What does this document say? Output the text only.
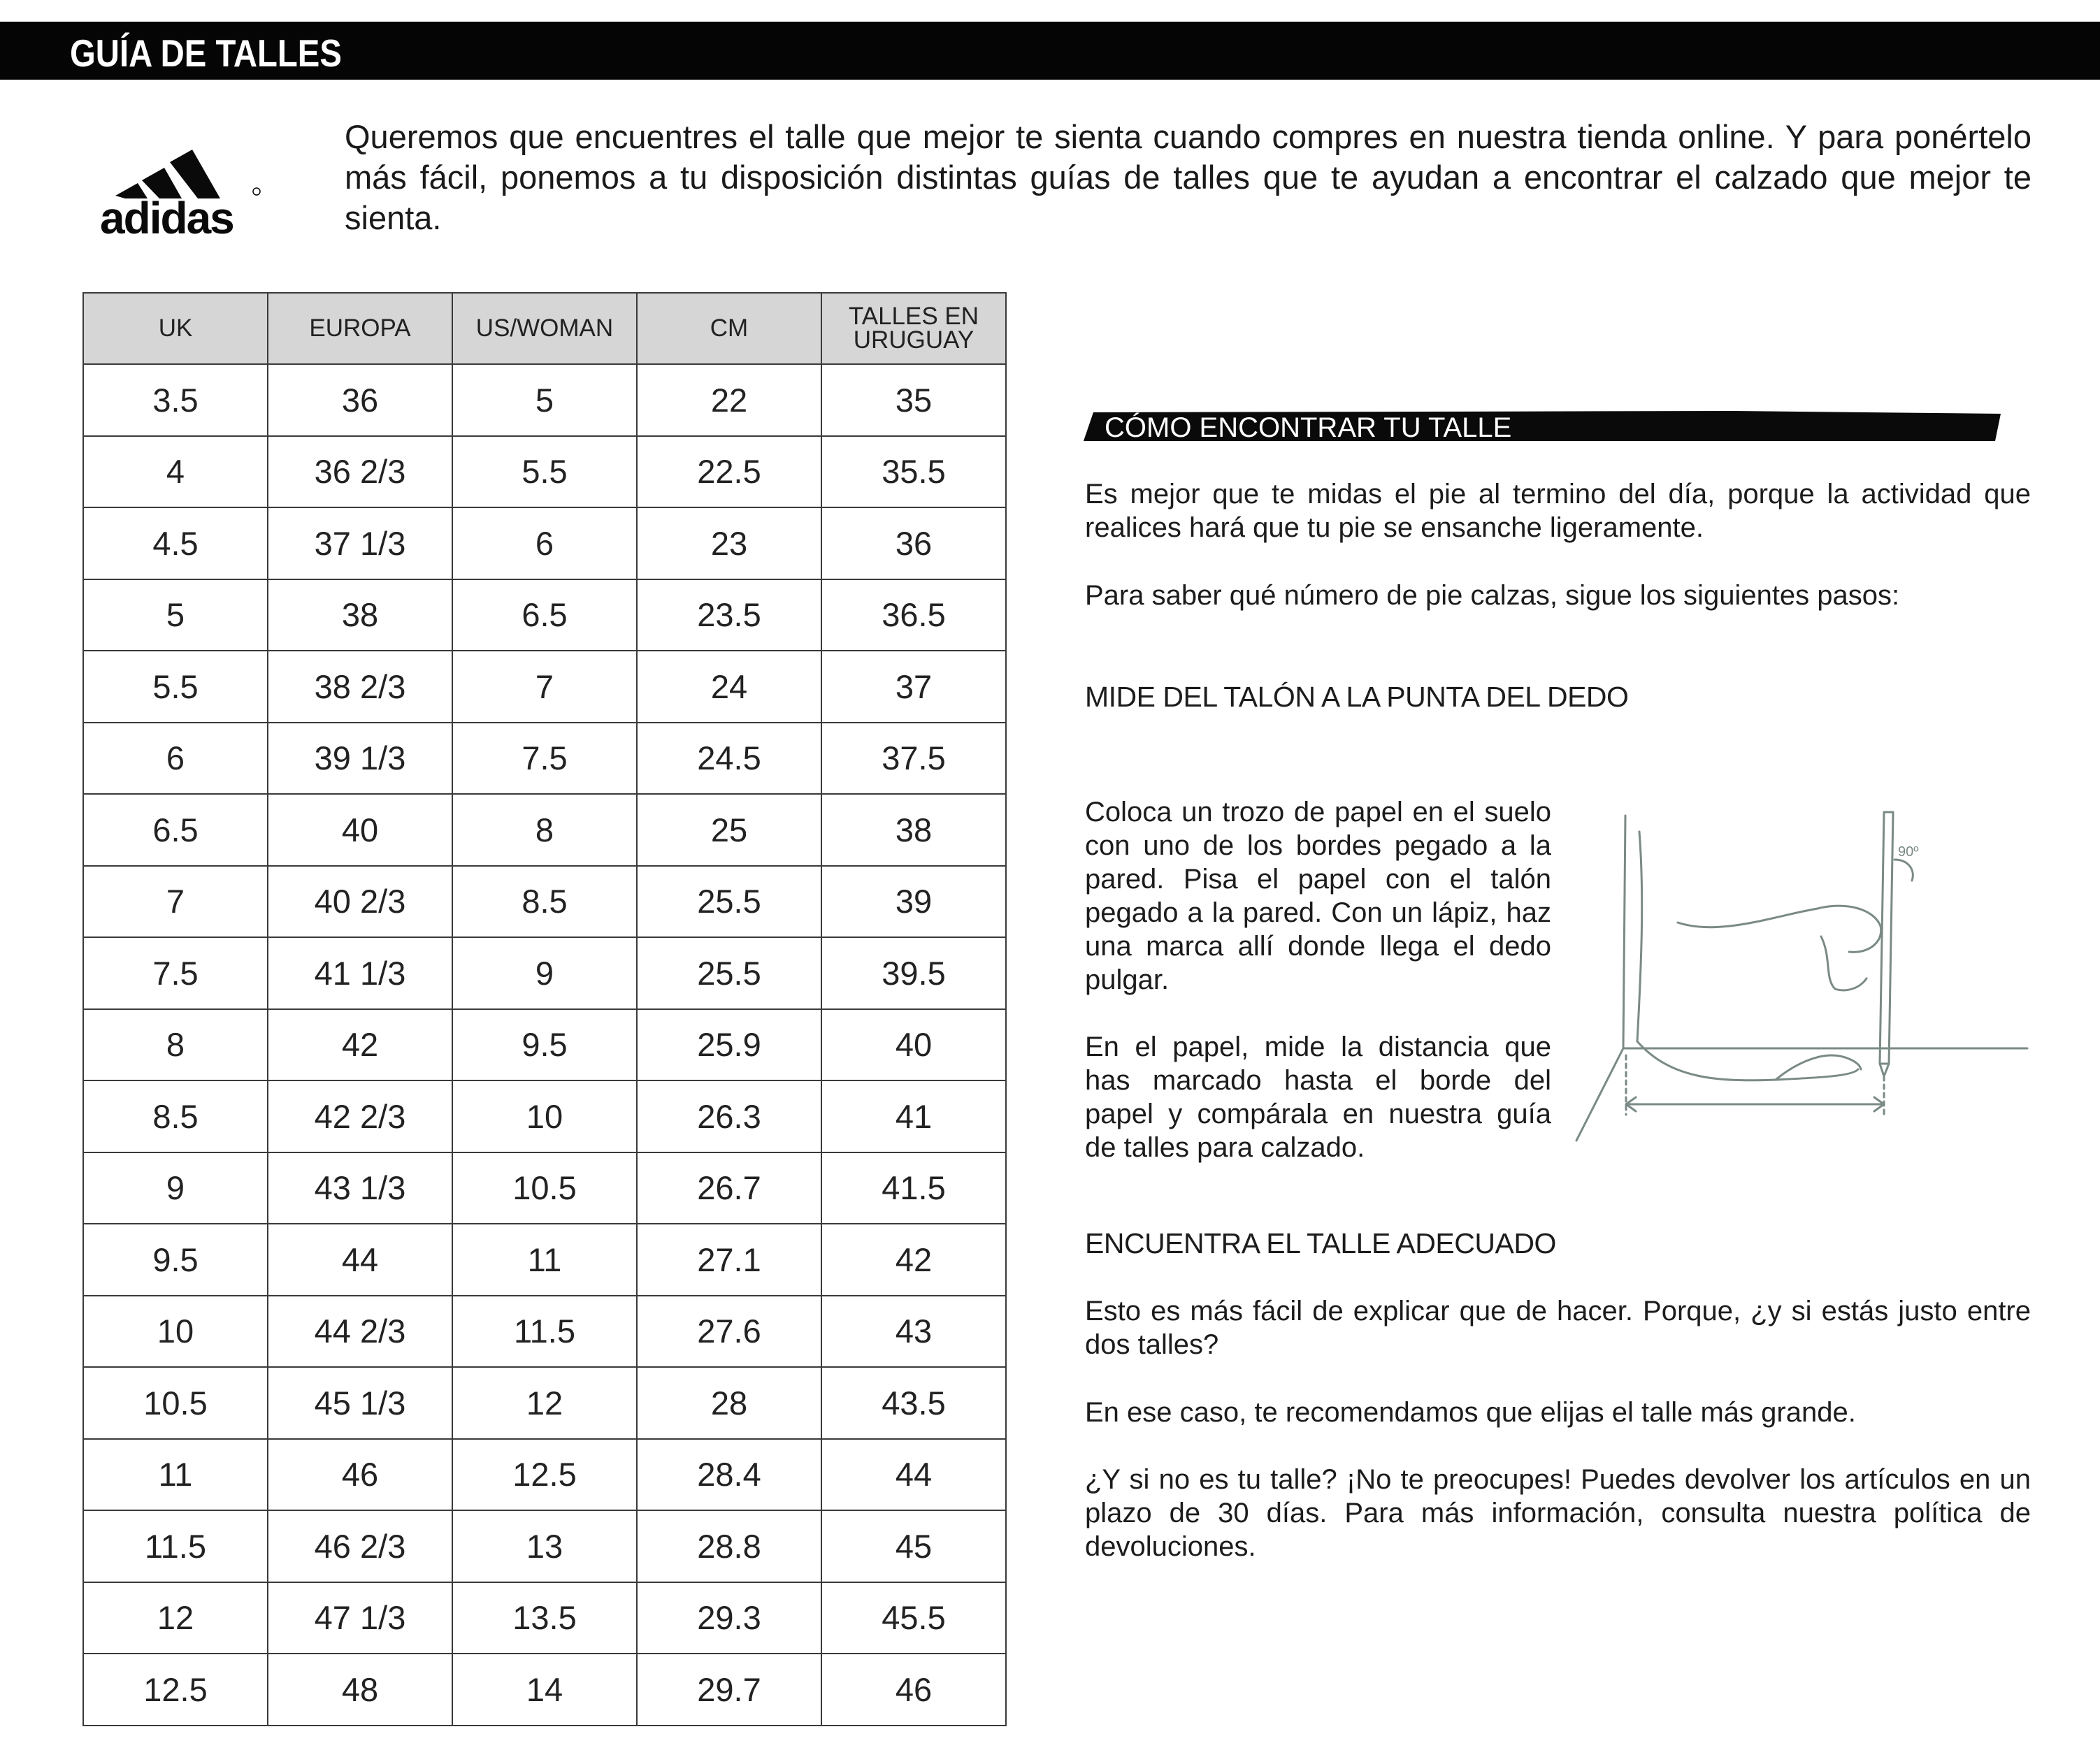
GUÍA DE TALLES
adidas
Queremos que encuentres el talle que mejor te sienta cuando compres en nuestra tienda online. Y para ponértelo más fácil, ponemos a tu disposición distintas guías de talles que te ayudan a encontrar el calzado que mejor te sienta.
UK	EUROPA	US/WOMAN	CM	TALLES EN URUGUAY
3.5	36	5	22	35
4	36 2/3	5.5	22.5	35.5
4.5	37 1/3	6	23	36
5	38	6.5	23.5	36.5
5.5	38 2/3	7	24	37
6	39 1/3	7.5	24.5	37.5
6.5	40	8	25	38
7	40 2/3	8.5	25.5	39
7.5	41 1/3	9	25.5	39.5
8	42	9.5	25.9	40
8.5	42 2/3	10	26.3	41
9	43 1/3	10.5	26.7	41.5
9.5	44	11	27.1	42
10	44 2/3	11.5	27.6	43
10.5	45 1/3	12	28	43.5
11	46	12.5	28.4	44
11.5	46 2/3	13	28.8	45
12	47 1/3	13.5	29.3	45.5
12.5	48	14	29.7	46
CÓMO ENCONTRAR TU TALLE
Es mejor que te midas el pie al termino del día, porque la actividad que realices hará que tu pie se ensanche ligeramente.
Para saber qué número de pie calzas, sigue los siguientes pasos:
MIDE DEL TALÓN A LA PUNTA DEL DEDO
Coloca un trozo de papel en el suelo con uno de los bordes pegado a la pared. Pisa el papel con el talón pegado a la pared. Con un lápiz, haz una marca allí donde llega el dedo pulgar.
En el papel, mide la distancia que has marcado hasta el borde del papel y compárala en nuestra guía de talles para calzado.
90º
ENCUENTRA EL TALLE ADECUADO
Esto es más fácil de explicar que de hacer. Porque, ¿y si estás justo entre dos talles?
En ese caso, te recomendamos que elijas el talle más grande.
¿Y si no es tu talle? ¡No te preocupes! Puedes devolver los artículos en un plazo de 30 días. Para más información, consulta nuestra política de devoluciones.
